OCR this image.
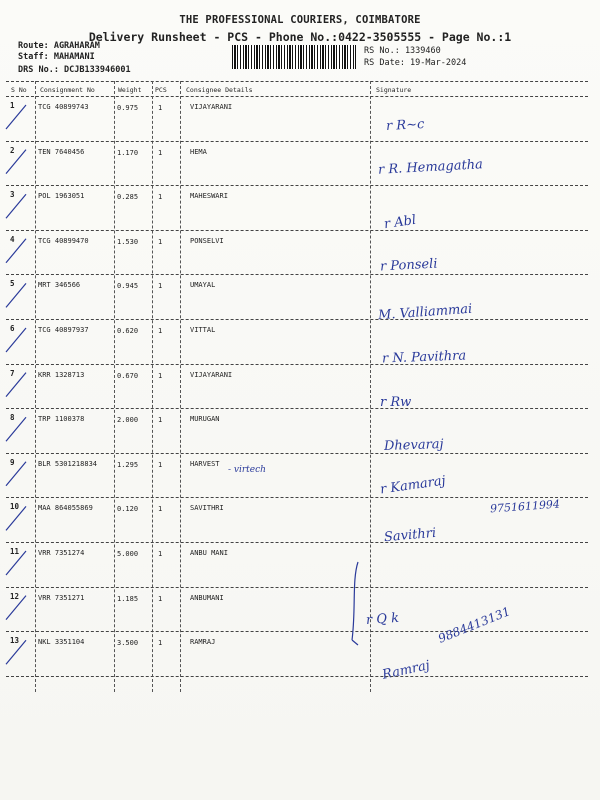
THE PROFESSIONAL COURIERS, COIMBATORE
Delivery Runsheet - PCS - Phone No.:0422-3505555 - Page No.:1
Route: AGRAHARAM
Staff: MAHAMANI
DRS No.: DCJB133946001
RS No.: 1339460
RS Date: 19-Mar-2024
S No Consignment No	Weight PCS	Consignee Details	Signature
1	TCG 40899743	0.975	1	VIJAYARANI
r R~c
2	TEN 7640456	1.170	1	HEMA
r R. Hemagatha
3	POL 1963051	0.285	1	MAHESWARI
r Abl
4	TCG 40899470	1.530	1	PONSELVI
r Ponseli
5	MRT 346566	0.945	1	UMAYAL
M. Valliammai
6	TCG 40897937	0.620	1	VITTAL
r N. Pavithra
7	KRR 1328713	0.670	1	VIJAYARANI
r Rw
8	TRP 1100378	2.000	1	MURUGAN
Dhevaraj
9	BLR 5301218834	1.295	1	HARVEST
r Kamaraj
10	MAA 864055869	0.120	1	SAVITHRI
Savithri
11	VRR 7351274	5.000	1	ANBU MANI
12	VRR 7351271	1.185	1	ANBUMANI
r Q k
13	NKL 3351104	3.500	1	RAMRAJ
Ramraj
- virtech
9751611994
9884413131
